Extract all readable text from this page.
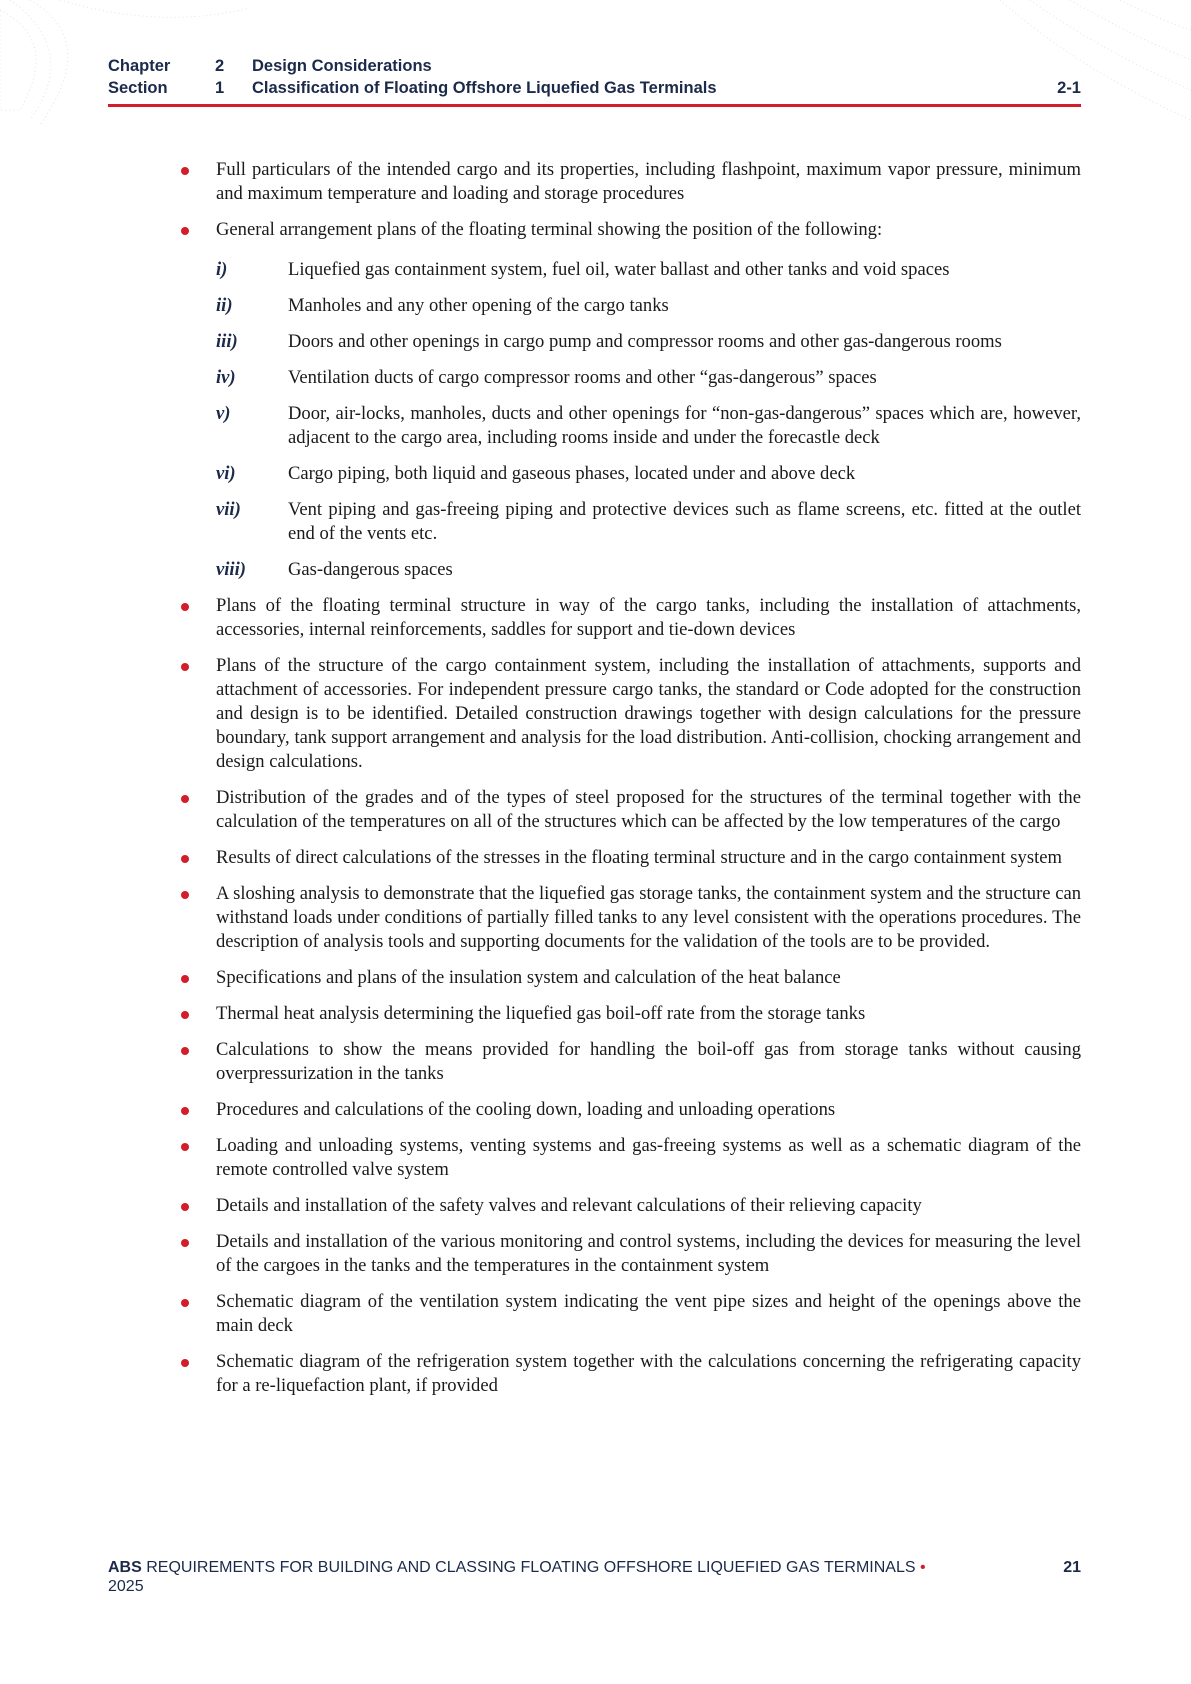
Chapter	2 Design Considerations
Section	1 Classification of Floating Offshore Liquefied Gas Terminals	2-1
Full particulars of the intended cargo and its properties, including flashpoint, maximum vapor pressure, minimum and maximum temperature and loading and storage procedures
General arrangement plans of the floating terminal showing the position of the following:
i)	Liquefied gas containment system, fuel oil, water ballast and other tanks and void spaces
ii)	Manholes and any other opening of the cargo tanks
iii)	Doors and other openings in cargo pump and compressor rooms and other gas-dangerous rooms
iv)	Ventilation ducts of cargo compressor rooms and other “gas-dangerous” spaces
v)	Door, air-locks, manholes, ducts and other openings for “non-gas-dangerous” spaces which are, however, adjacent to the cargo area, including rooms inside and under the forecastle deck
vi)	Cargo piping, both liquid and gaseous phases, located under and above deck
vii)	Vent piping and gas-freeing piping and protective devices such as flame screens, etc. fitted at the outlet end of the vents etc.
viii) Gas-dangerous spaces
Plans of the floating terminal structure in way of the cargo tanks, including the installation of attachments, accessories, internal reinforcements, saddles for support and tie-down devices
Plans of the structure of the cargo containment system, including the installation of attachments, supports and attachment of accessories. For independent pressure cargo tanks, the standard or Code adopted for the construction and design is to be identified. Detailed construction drawings together with design calculations for the pressure boundary, tank support arrangement and analysis for the load distribution. Anti-collision, chocking arrangement and design calculations.
Distribution of the grades and of the types of steel proposed for the structures of the terminal together with the calculation of the temperatures on all of the structures which can be affected by the low temperatures of the cargo
Results of direct calculations of the stresses in the floating terminal structure and in the cargo containment system
A sloshing analysis to demonstrate that the liquefied gas storage tanks, the containment system and the structure can withstand loads under conditions of partially filled tanks to any level consistent with the operations procedures. The description of analysis tools and supporting documents for the validation of the tools are to be provided.
Specifications and plans of the insulation system and calculation of the heat balance
Thermal heat analysis determining the liquefied gas boil-off rate from the storage tanks
Calculations to show the means provided for handling the boil-off gas from storage tanks without causing overpressurization in the tanks
Procedures and calculations of the cooling down, loading and unloading operations
Loading and unloading systems, venting systems and gas-freeing systems as well as a schematic diagram of the remote controlled valve system
Details and installation of the safety valves and relevant calculations of their relieving capacity
Details and installation of the various monitoring and control systems, including the devices for measuring the level of the cargoes in the tanks and the temperatures in the containment system
Schematic diagram of the ventilation system indicating the vent pipe sizes and height of the openings above the main deck
Schematic diagram of the refrigeration system together with the calculations concerning the refrigerating capacity for a re-liquefaction plant, if provided
ABS REQUIREMENTS FOR BUILDING AND CLASSING FLOATING OFFSHORE LIQUEFIED GAS TERMINALS • 2025
21
